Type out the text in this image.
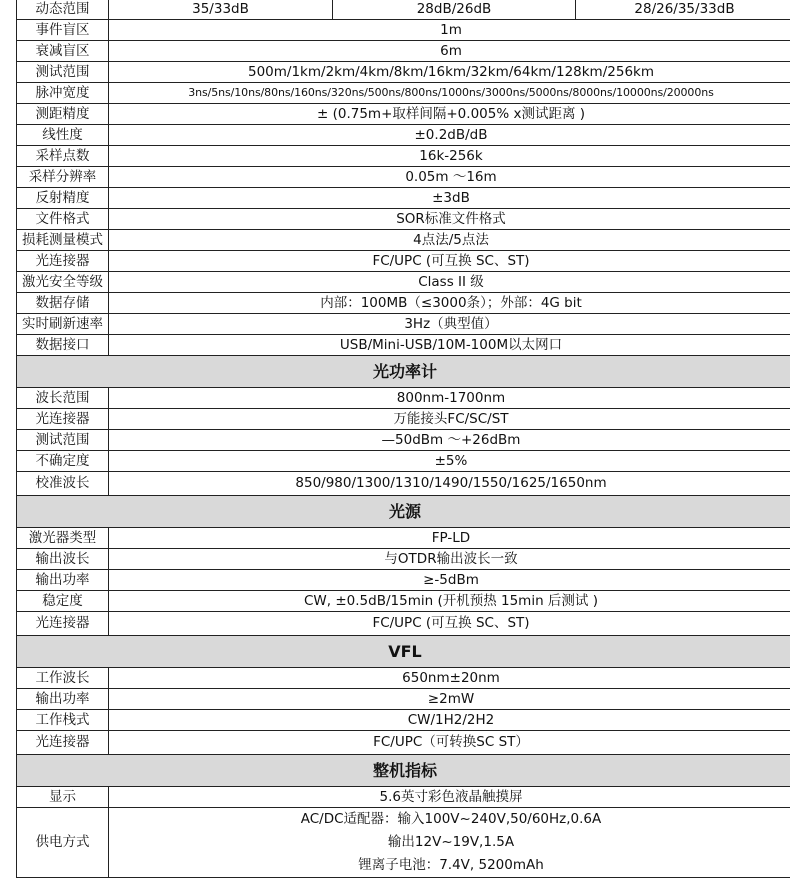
动态范围	35/33dB	28dB/26dB	28/26/35/33dB
事件盲区	1m		
衰减盲区	6m		
测试范围	500m/1km/2km/4km/8km/16km/32km/64km/128km/256km		
脉冲宽度	3ns/5ns/10ns/80ns/160ns/320ns/500ns/800ns/1000ns/3000ns/5000ns/8000ns/10000ns/20000ns		
测距精度	± (0.75m+取样间隔+0.005% x测试距离 )		
线性度	±0.2dB/dB		
采样点数	16k-256k		
采样分辨率	0.05m ～16m		
反射精度	±3dB		
文件格式	SOR标准文件格式		
损耗测量模式	4点法/5点法		
光连接器	FC/UPC (可互换 SC、ST)		
激光安全等级	Class II 级		
数据存储	内部：100MB（≤3000条）；外部：4G bit		
实时刷新速率	3Hz（典型值）		
数据接口	USB/Mini-USB/10M-100M以太网口		
光功率计			
波长范围	800nm-1700nm		
光连接器	万能接头FC/SC/ST		
测试范围	—50dBm ～+26dBm		
不确定度	±5%		
校准波长	850/980/1300/1310/1490/1550/1625/1650nm		
光源			
激光器类型	FP-LD		
输出波长	与OTDR输出波长一致		
输出功率	≥-5dBm		
稳定度	CW, ±0.5dB/15min (开机预热 15min 后测试 )		
光连接器	FC/UPC (可互换 SC、ST)		
VFL			
工作波长	650nm±20nm		
输出功率	≥2mW		
工作栈式	CW/1H2/2H2		
光连接器	FC/UPC（可转换SC ST）		
整机指标			
显示	5.6英寸彩色液晶触摸屏		
供电方式	AC/DC适配器：输入100V~240V,50/60Hz,0.6A
输出12V~19V,1.5A
锂离子电池：7.4V, 5200mAh		
